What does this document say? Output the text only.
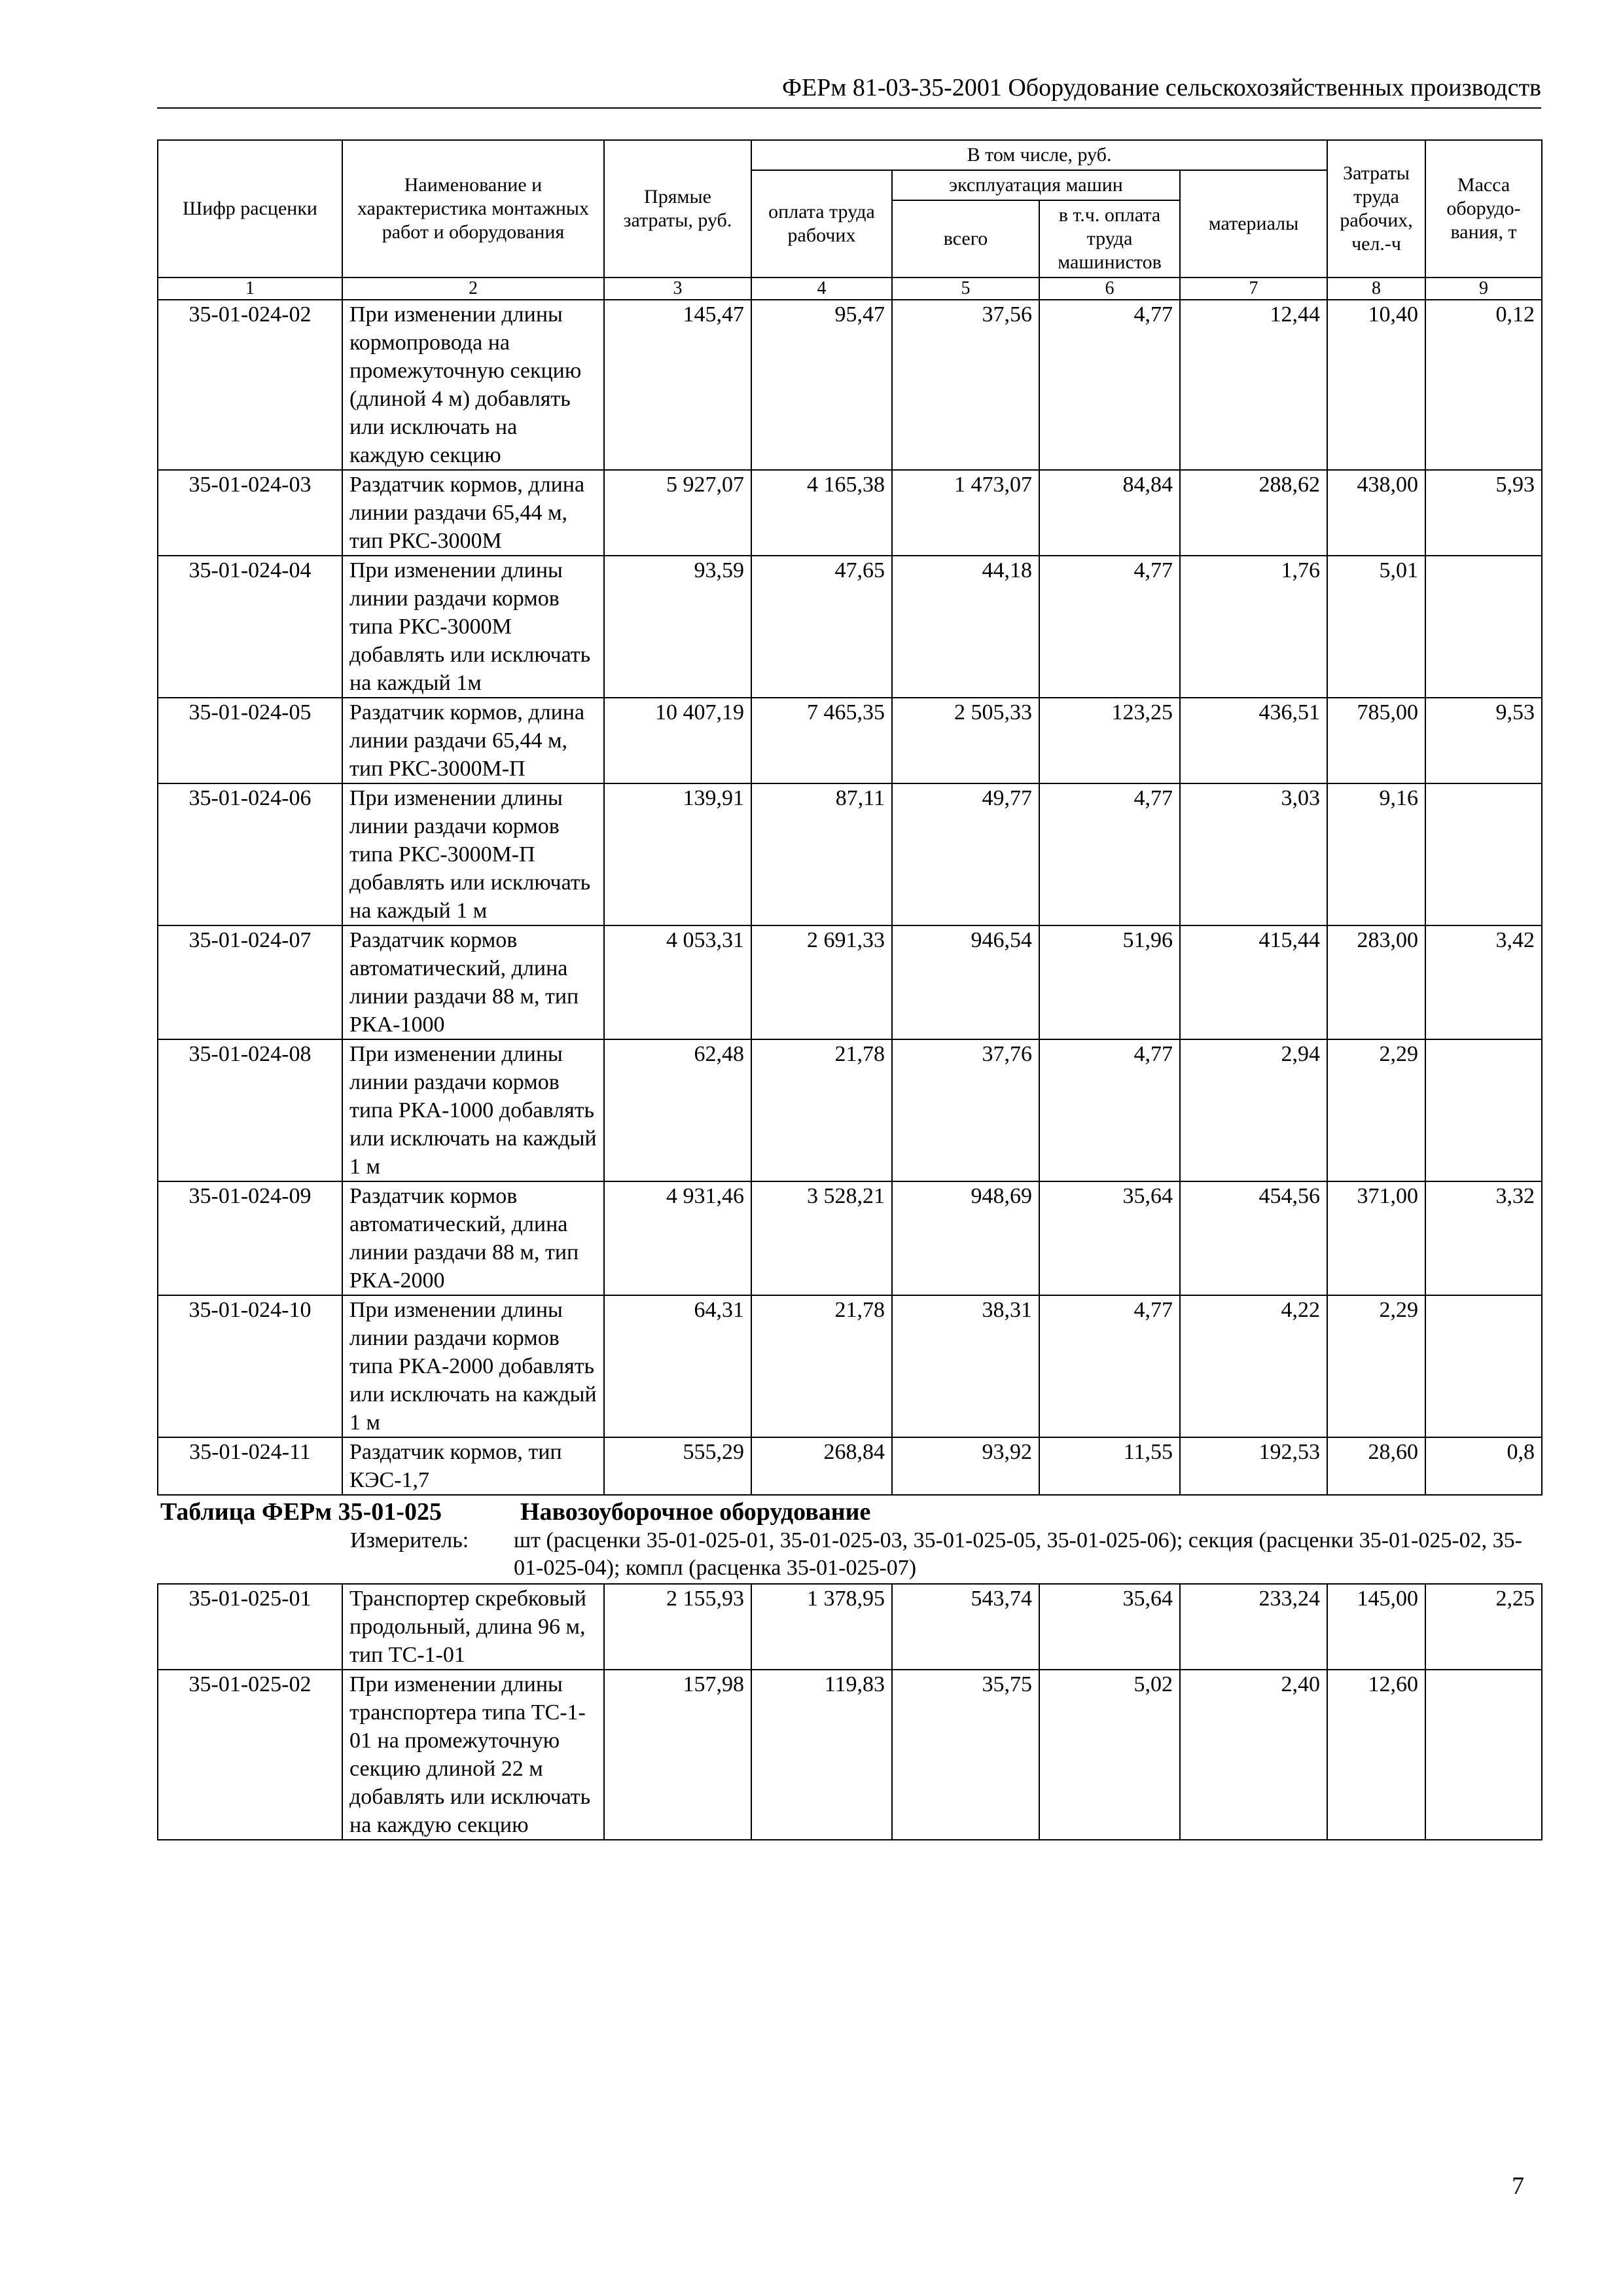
ФЕРм 81-03-35-2001 Оборудование сельскохозяйственных производств
Шифр расценки	Наименование и характеристика монтажных работ и оборудования	Прямые затраты, руб.	В том числе, руб.				Затраты труда рабочих, чел.-ч	Масса оборудо-вания, т
			оплата труда рабочих	эксплуатация машин		материалы		
				всего	в т.ч. оплата труда машинистов			
1	2	3	4	5	6	7	8	9
35-01-024-02	При изменении длины кормопровода на промежуточную секцию (длиной 4 м) добавлять или исключать на каждую секцию	145,47	95,47	37,56	4,77	12,44	10,40	0,12
35-01-024-03	Раздатчик кормов, длина линии раздачи 65,44 м, тип РКС-3000М	5 927,07	4 165,38	1 473,07	84,84	288,62	438,00	5,93
35-01-024-04	При изменении длины линии раздачи кормов типа РКС-3000М добавлять или исключать на каждый 1м	93,59	47,65	44,18	4,77	1,76	5,01	
35-01-024-05	Раздатчик кормов, длина линии раздачи 65,44 м, тип РКС-3000М-П	10 407,19	7 465,35	2 505,33	123,25	436,51	785,00	9,53
35-01-024-06	При изменении длины линии раздачи кормов типа РКС-3000М-П добавлять или исключать на каждый 1 м	139,91	87,11	49,77	4,77	3,03	9,16	
35-01-024-07	Раздатчик кормов автоматический, длина линии раздачи 88 м, тип РКА-1000	4 053,31	2 691,33	946,54	51,96	415,44	283,00	3,42
35-01-024-08	При изменении длины линии раздачи кормов типа РКА-1000 добавлять или исключать на каждый 1 м	62,48	21,78	37,76	4,77	2,94	2,29	
35-01-024-09	Раздатчик кормов автоматический, длина линии раздачи 88 м, тип РКА-2000	4 931,46	3 528,21	948,69	35,64	454,56	371,00	3,32
35-01-024-10	При изменении длины линии раздачи кормов типа РКА-2000 добавлять или исключать на каждый 1 м	64,31	21,78	38,31	4,77	4,22	2,29	
35-01-024-11	Раздатчик кормов, тип КЭС-1,7	555,29	268,84	93,92	11,55	192,53	28,60	0,8

Таблица ФЕРм 35-01-025 Навозоуборочное оборудование
Измеритель: шт (расценки 35-01-025-01, 35-01-025-03, 35-01-025-05, 35-01-025-06); секция (расценки 35-01-025-02, 35-01-025-04); компл (расценка 35-01-025-07)								

35-01-025-01	Транспортер скребковый продольный, длина 96 м, тип ТС-1-01	2 155,93	1 378,95	543,74	35,64	233,24	145,00	2,25
35-01-025-02	При изменении длины транспортера типа ТС-1-01 на промежуточную секцию длиной 22 м добавлять или исключать на каждую секцию	157,98	119,83	35,75	5,02	2,40	12,60	
7
